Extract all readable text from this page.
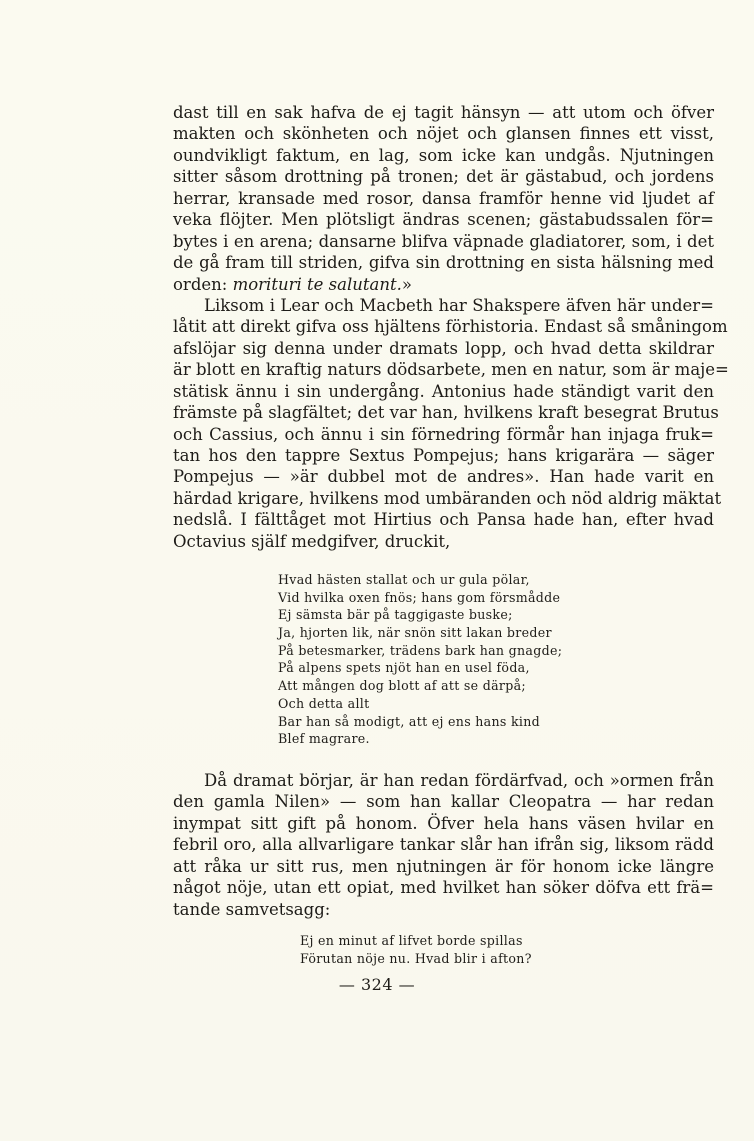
dast till en sak hafva de ej tagit hänsyn — att utom och öfver
makten och skönheten och nöjet och glansen finnes ett visst,
oundvikligt faktum, en lag, som icke kan undgås. Njutningen
sitter såsom drottning på tronen; det är gästabud, och jordens
herrar, kransade med rosor, dansa framför henne vid ljudet af
veka flöjter. Men plötsligt ändras scenen; gästabudssalen för=
bytes i en arena; dansarne blifva väpnade gladiatorer, som, i det
de gå fram till striden, gifva sin drottning en sista hälsning med
orden: morituri te salutant.»
Liksom i Lear och Macbeth har Shakspere äfven här under=
låtit att direkt gifva oss hjältens förhistoria. Endast så småningom
afslöjar sig denna under dramats lopp, och hvad detta skildrar
är blott en kraftig naturs dödsarbete, men en natur, som är maje=
stätisk ännu i sin undergång. Antonius hade ständigt varit den
främste på slagfältet; det var han, hvilkens kraft besegrat Brutus
och Cassius, och ännu i sin förnedring förmår han injaga fruk=
tan hos den tappre Sextus Pompejus; hans krigarära — säger
Pompejus — »är dubbel mot de andres». Han hade varit en
härdad krigare, hvilkens mod umbäranden och nöd aldrig mäktat
nedslå. I fälttåget mot Hirtius och Pansa hade han, efter hvad
Octavius själf medgifver, druckit,
Hvad hästen stallat och ur gula pölar,
Vid hvilka oxen fnös; hans gom försmådde
Ej sämsta bär på taggigaste buske;
Ja, hjorten lik, när snön sitt lakan breder
På betesmarker, trädens bark han gnagde;
På alpens spets njöt han en usel föda,
Att mången dog blott af att se därpå;
Och detta allt
Bar han så modigt, att ej ens hans kind
Blef magrare.
Då dramat börjar, är han redan fördärfvad, och »ormen från
den gamla Nilen» — som han kallar Cleopatra — har redan
inympat sitt gift på honom. Öfver hela hans väsen hvilar en
febril oro, alla allvarligare tankar slår han ifrån sig, liksom rädd
att råka ur sitt rus, men njutningen är för honom icke längre
något nöje, utan ett opiat, med hvilket han söker döfva ett frä=
tande samvetsagg:
Ej en minut af lifvet borde spillas
Förutan nöje nu. Hvad blir i afton?
— 324 —
